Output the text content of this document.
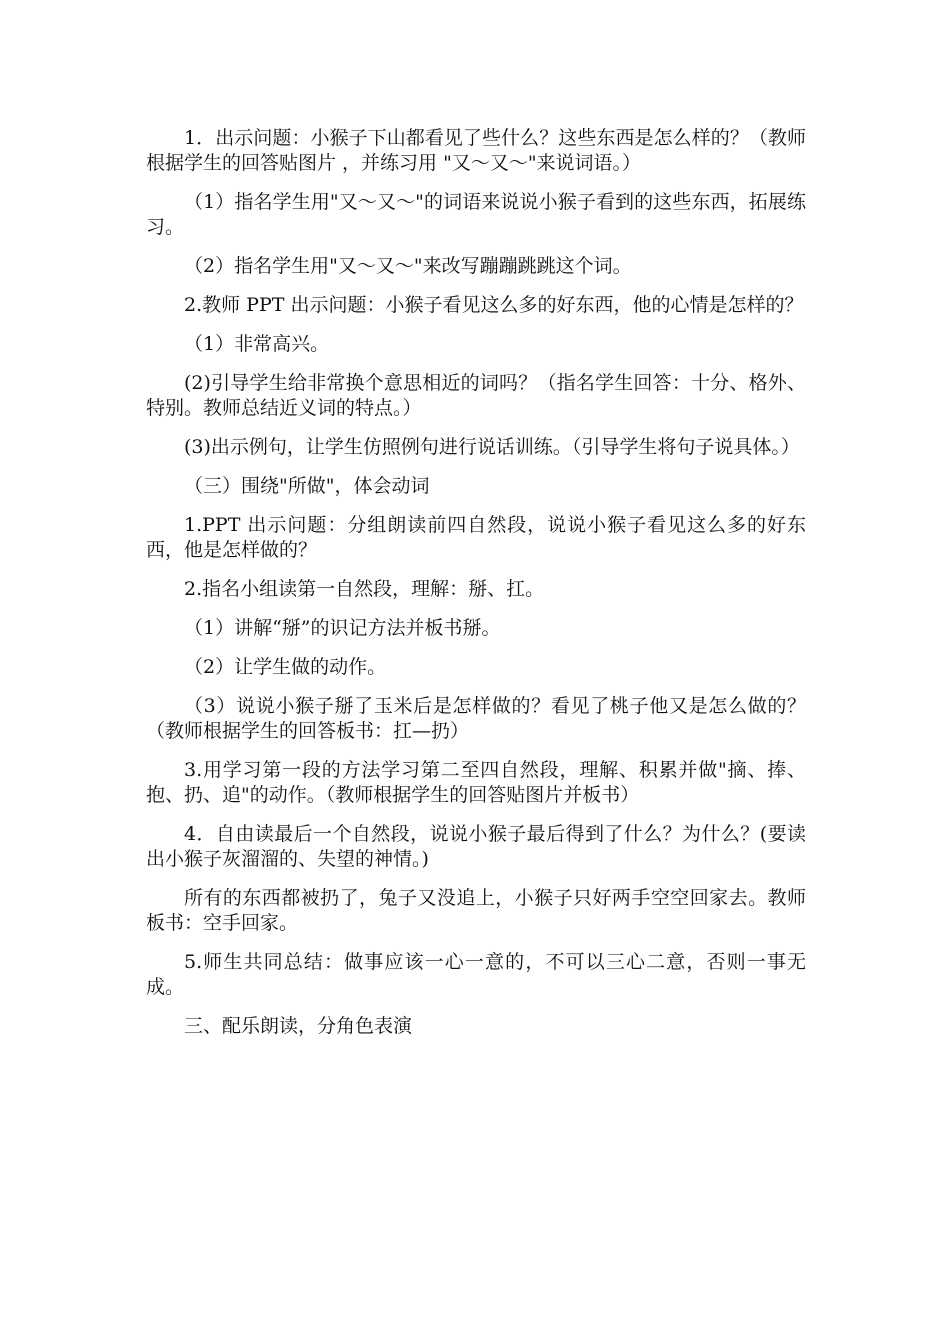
1．出示问题：小猴子下山都看见了些什么？这些东西是怎么样的？（教师根据学生的回答贴图片 ，并练习用 "又～又～"来说词语。）

（1）指名学生用"又～又～"的词语来说说小猴子看到的这些东西，拓展练习。

（2）指名学生用"又～又～"来改写蹦蹦跳跳这个词。

2.教师 PPT 出示问题：小猴子看见这么多的好东西，他的心情是怎样的？

（1）非常高兴。

(2)引导学生给非常换个意思相近的词吗？（指名学生回答：十分、格外、特别。教师总结近义词的特点。）

(3)出示例句，让学生仿照例句进行说话训练。（引导学生将句子说具体。）

（三）围绕"所做"，体会动词

1.PPT 出示问题：分组朗读前四自然段，说说小猴子看见这么多的好东西，他是怎样做的？

2.指名小组读第一自然段，理解：掰、扛。

（1）讲解“掰”的识记方法并板书掰。

（2）让学生做的动作。

（3）说说小猴子掰了玉米后是怎样做的？看见了桃子他又是怎么做的？（教师根据学生的回答板书：扛—扔）

3.用学习第一段的方法学习第二至四自然段，理解、积累并做"摘、捧、抱、扔、追"的动作。（教师根据学生的回答贴图片并板书）

4．自由读最后一个自然段，说说小猴子最后得到了什么？为什么？(要读出小猴子灰溜溜的、失望的神情。)

所有的东西都被扔了，兔子又没追上，小猴子只好两手空空回家去。教师板书：空手回家。

5.师生共同总结：做事应该一心一意的，不可以三心二意，否则一事无成。

三、配乐朗读，分角色表演
